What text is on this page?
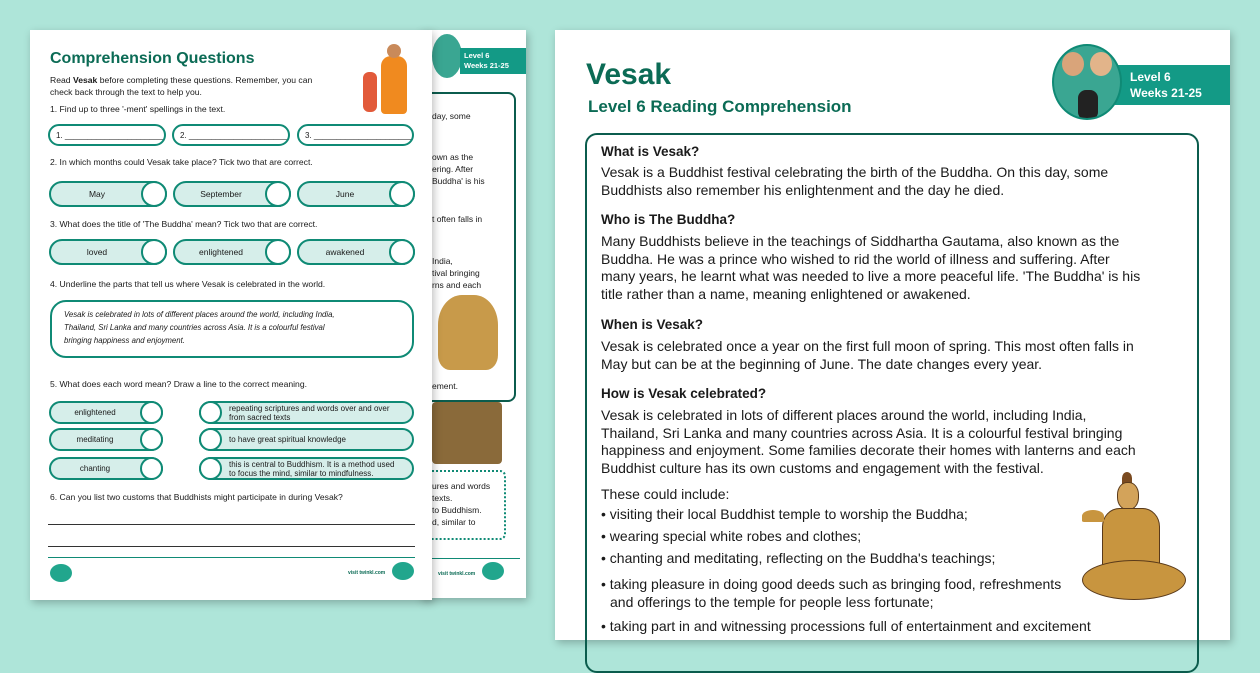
Level 6
Weeks 21-25
day, some
own as the
ering. After
Buddha' is his
t often falls in
India,
tival bringing
rns and each
ement.
ures and words
texts.
to Buddhism.
d, similar to
visit twinkl.com
Comprehension Questions
Read Vesak before completing these questions. Remember, you can
check back through the text to help you.
1. Find up to three '-ment' spellings in the text.
1. ______________________	2. ______________________	3. ______________________
2. In which months could Vesak take place? Tick two that are correct.
May	September	June
3. What does the title of 'The Buddha' mean? Tick two that are correct.
loved	enlightened	awakened
4. Underline the parts that tell us where Vesak is celebrated in the world.
Vesak is celebrated in lots of different places around the world, including India,
Thailand, Sri Lanka and many countries across Asia. It is a colourful festival
bringing happiness and enjoyment.
5. What does each word mean? Draw a line to the correct meaning.
enlightened
meditating
chanting
repeating scriptures and words over and over
from sacred texts
to have great spiritual knowledge
this is central to Buddhism. It is a method used
to focus the mind, similar to mindfulness.
6. Can you list two customs that Buddhists might participate in during Vesak?
visit twinkl.com
Vesak
Level 6 Reading Comprehension
Level 6
Weeks 21-25
What is Vesak?
Vesak is a Buddhist festival celebrating the birth of the Buddha. On this day, some
Buddhists also remember his enlightenment and the day he died.
Who is The Buddha?
Many Buddhists believe in the teachings of Siddhartha Gautama, also known as the
Buddha. He was a prince who wished to rid the world of illness and suffering. After
many years, he learnt what was needed to live a more peaceful life. 'The Buddha' is his
title rather than a name, meaning enlightened or awakened.
When is Vesak?
Vesak is celebrated once a year on the first full moon of spring. This most often falls in
May but can be at the beginning of June. The date changes every year.
How is Vesak celebrated?
Vesak is celebrated in lots of different places around the world, including India,
Thailand, Sri Lanka and many countries across Asia. It is a colourful festival bringing
happiness and enjoyment. Some families decorate their homes with lanterns and each
Buddhist culture has its own customs and engagement with the festival.
These could include:
• visiting their local Buddhist temple to worship the Buddha;
• wearing special white robes and clothes;
• chanting and meditating, reflecting on the Buddha's teachings;
• taking pleasure in doing good deeds such as bringing food, refreshments
and offerings to the temple for people less fortunate;
• taking part in and witnessing processions full of entertainment and excitement
